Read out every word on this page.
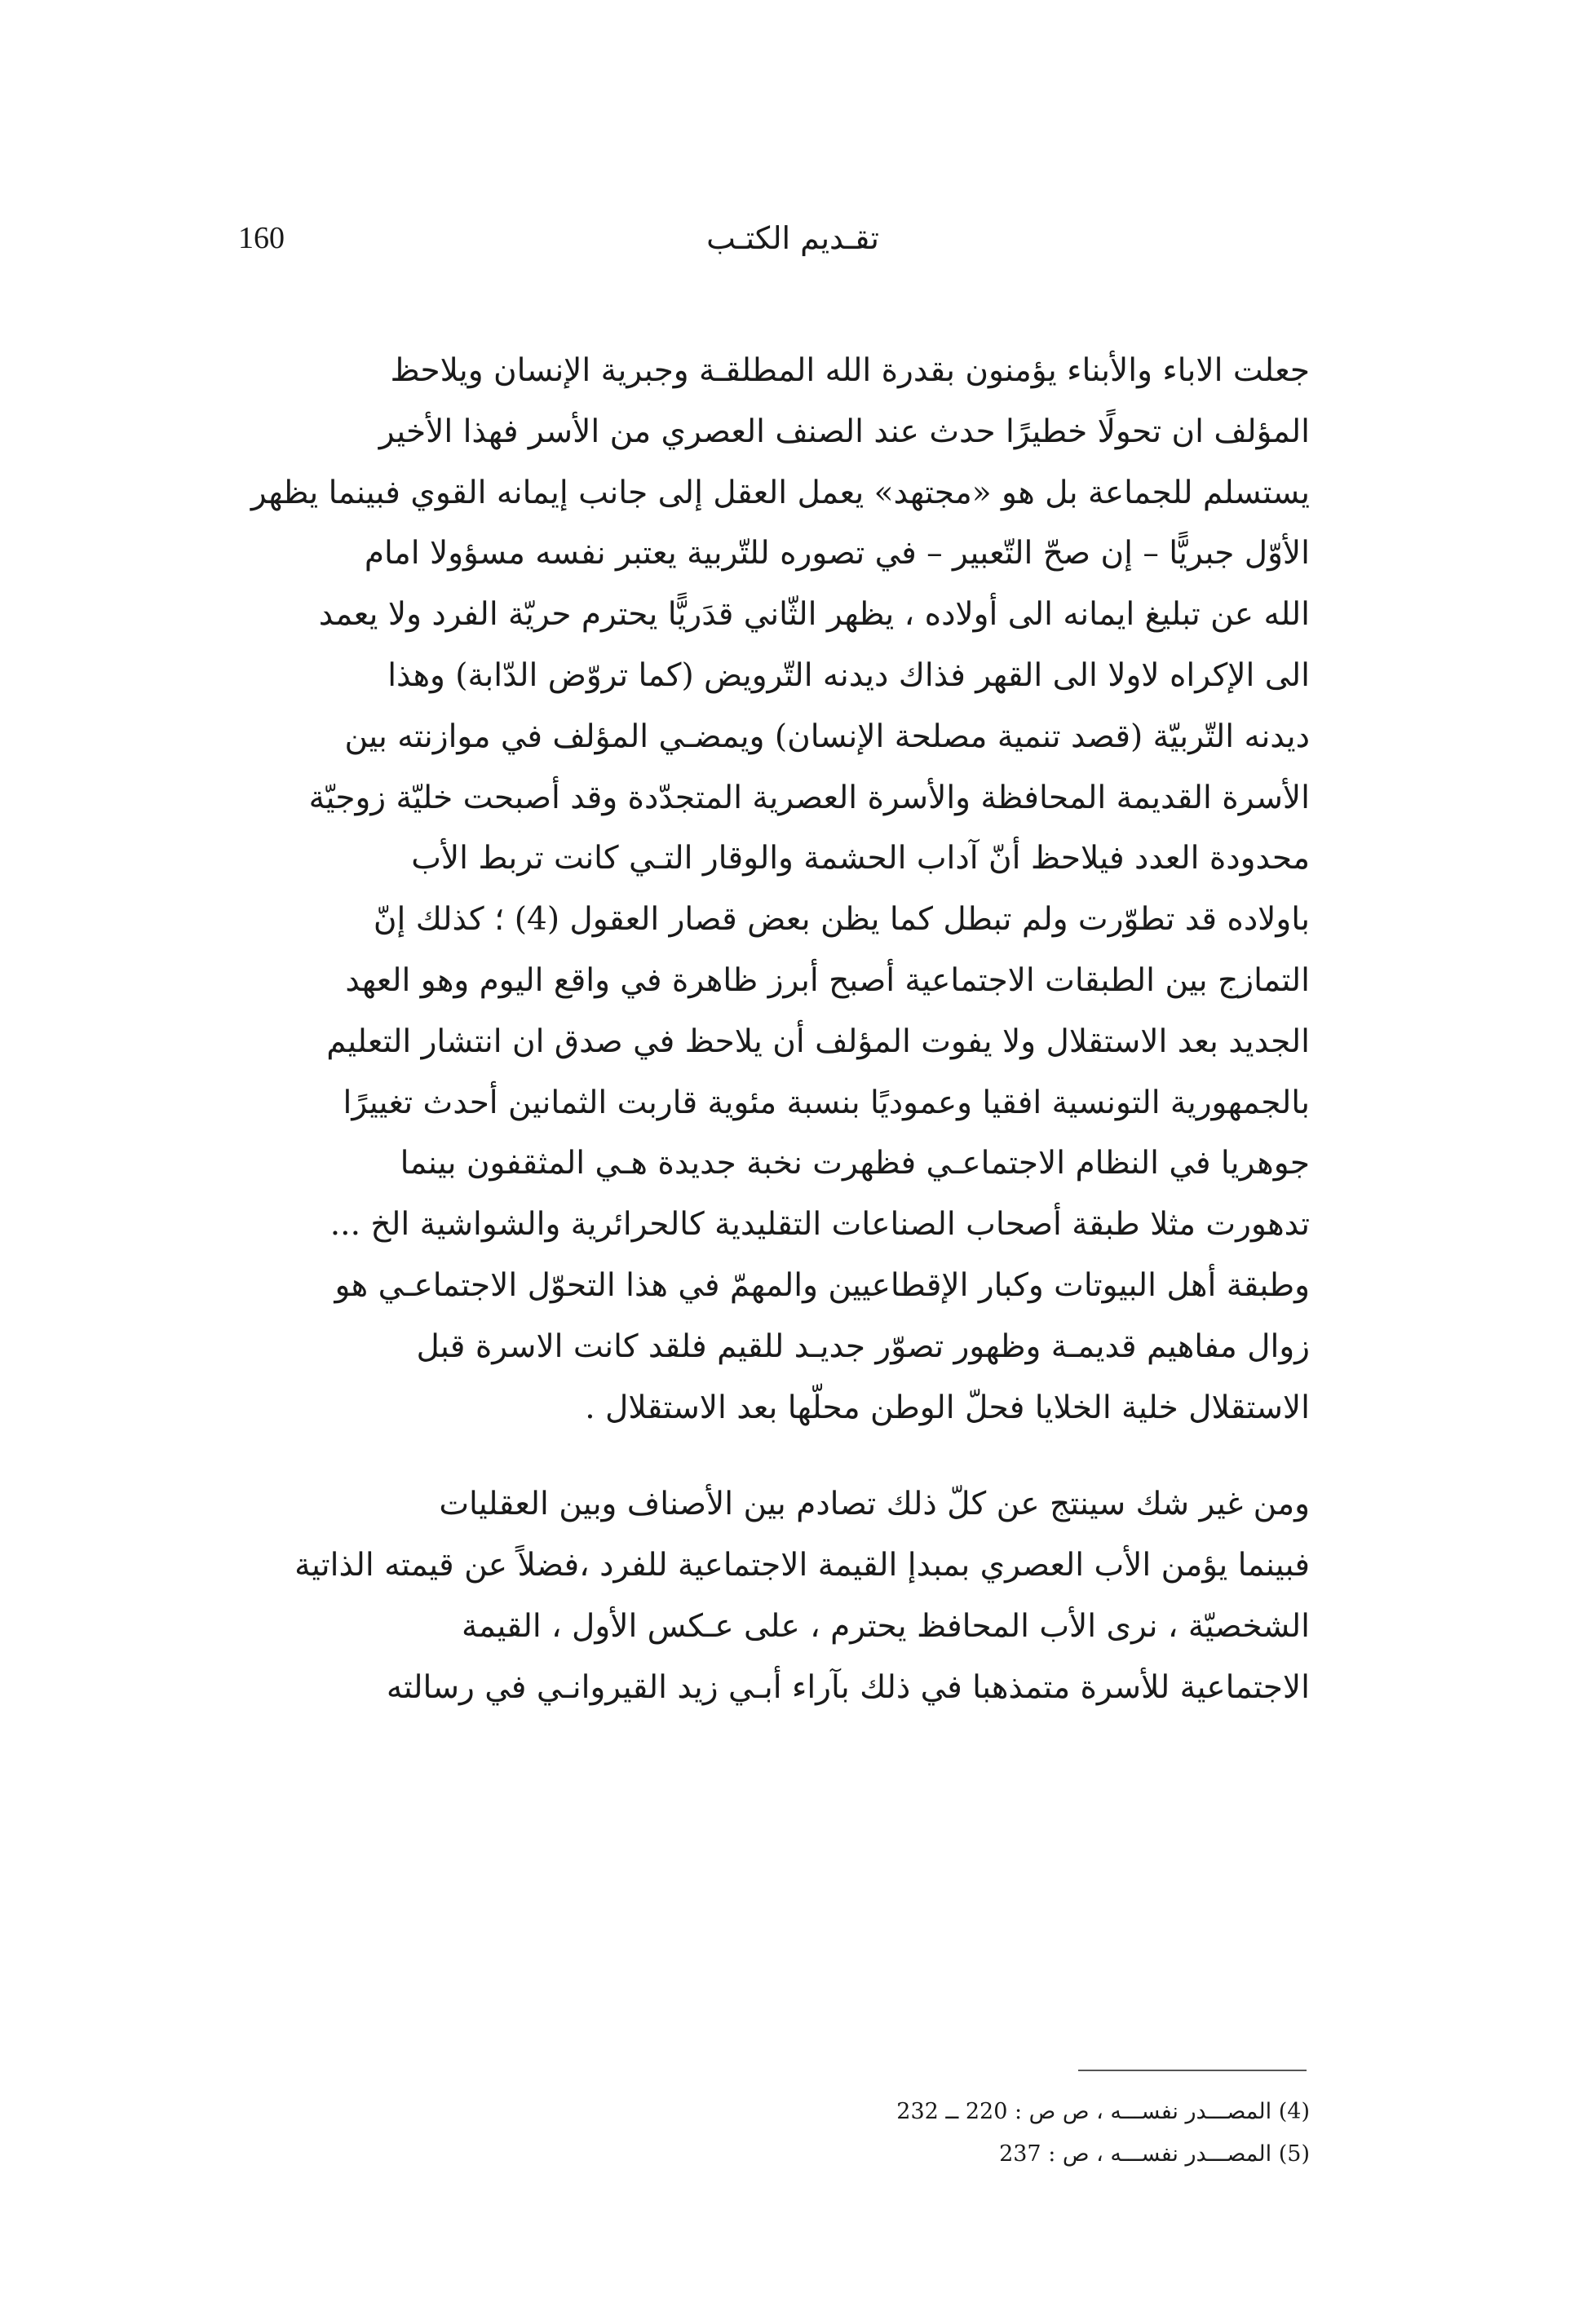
160	تقـديم الكتـب

جعلت الاباء والأبناء يؤمنون بقدرة الله المطلقـة وجبرية الإنسان ويلاحظ
المؤلف ان تحولًا خطيرًا حدث عند الصنف العصري من الأسر فهذا الأخير
يستسلم للجماعة بل هو «مجتهد» يعمل العقل إلى جانب إيمانه القوي فبينما يظهر
الأوّل جبريًّا – إن صحّ التّعبير – في تصوره للتّربية يعتبر نفسه مسؤولا امام
الله عن تبليغ ايمانه الى أولاده ، يظهر الثّاني قدَريًّا يحترم حريّة الفرد ولا يعمد
الى الإكراه لاولا الى القهر فذاك ديدنه التّرويض (كما تروّض الدّابة) وهذا
ديدنه التّربيّة (قصد تنمية مصلحة الإنسان) ويمضـي المؤلف في موازنته بين
الأسرة القديمة المحافظة والأسرة العصرية المتجدّدة وقد أصبحت خليّة زوجيّة
محدودة العدد فيلاحظ أنّ آداب الحشمة والوقار التـي كانت تربط الأب
باولاده قد تطوّرت ولم تبطل كما يظن بعض قصار العقول (4) ؛ كذلك إنّ
التمازج بين الطبقات الاجتماعية أصبح أبرز ظاهرة في واقع اليوم وهو العهد
الجديد بعد الاستقلال ولا يفوت المؤلف أن يلاحظ في صدق ان انتشار التعليم
بالجمهورية التونسية افقيا وعموديًا بنسبة مئوية قاربت الثمانين أحدث تغييرًا
جوهريا في النظام الاجتماعـي فظهرت نخبة جديدة هـي المثقفون بينما
تدهورت مثلا طبقة أصحاب الصناعات التقليدية كالحرائرية والشواشية الخ ...
وطبقة أهل البيوتات وكبار الإقطاعيين والمهمّ في هذا التحوّل الاجتماعـي هو
زوال مفاهيم قديمـة وظهور تصوّر جديـد للقيم فلقد كانت الاسرة قبل
الاستقلال خلية الخلايا فحلّ الوطن محلّها بعد الاستقلال .

ومن غير شك سينتج عن كلّ ذلك تصادم بين الأصناف وبين العقليات
فبينما يؤمن الأب العصري بمبدإ القيمة الاجتماعية للفرد ،فضلاً عن قيمته الذاتية
الشخصيّة ، نرى الأب المحافظ يحترم ، على عـكس الأول ، القيمة
الاجتماعية للأسرة متمذهبا في ذلك بآراء أبـي زيد القيروانـي في رسالته

(4) المصـــدر نفســـه ، ص ص : 220 ــ 232

(5) المصـــدر نفســـه ، ص : 237
